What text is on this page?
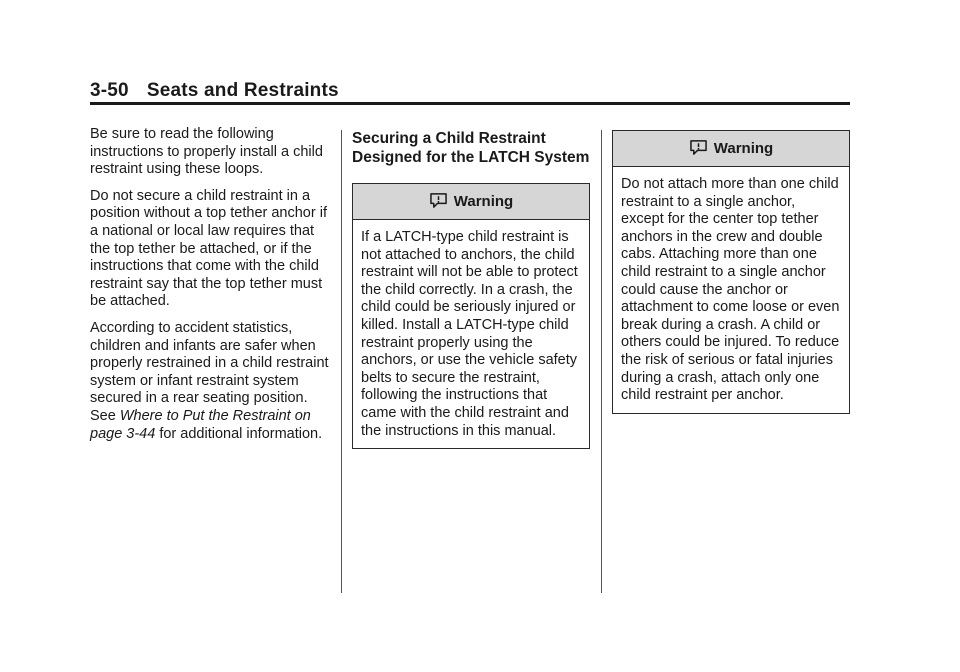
3-50 Seats and Restraints

Be sure to read the following instructions to properly install a child restraint using these loops.

Do not secure a child restraint in a position without a top tether anchor if a national or local law requires that the top tether be attached, or if the instructions that come with the child restraint say that the top tether must be attached.

According to accident statistics, children and infants are safer when properly restrained in a child restraint system or infant restraint system secured in a rear seating position. See Where to Put the Restraint on page 3-44 for additional information.

Securing a Child Restraint Designed for the LATCH System
Warning
If a LATCH-type child restraint is not attached to anchors, the child restraint will not be able to protect the child correctly. In a crash, the child could be seriously injured or killed. Install a LATCH-type child restraint properly using the anchors, or use the vehicle safety belts to secure the restraint, following the instructions that came with the child restraint and the instructions in this manual.
Warning
Do not attach more than one child restraint to a single anchor, except for the center top tether anchors in the crew and double cabs. Attaching more than one child restraint to a single anchor could cause the anchor or attachment to come loose or even break during a crash. A child or others could be injured. To reduce the risk of serious or fatal injuries during a crash, attach only one child restraint per anchor.
